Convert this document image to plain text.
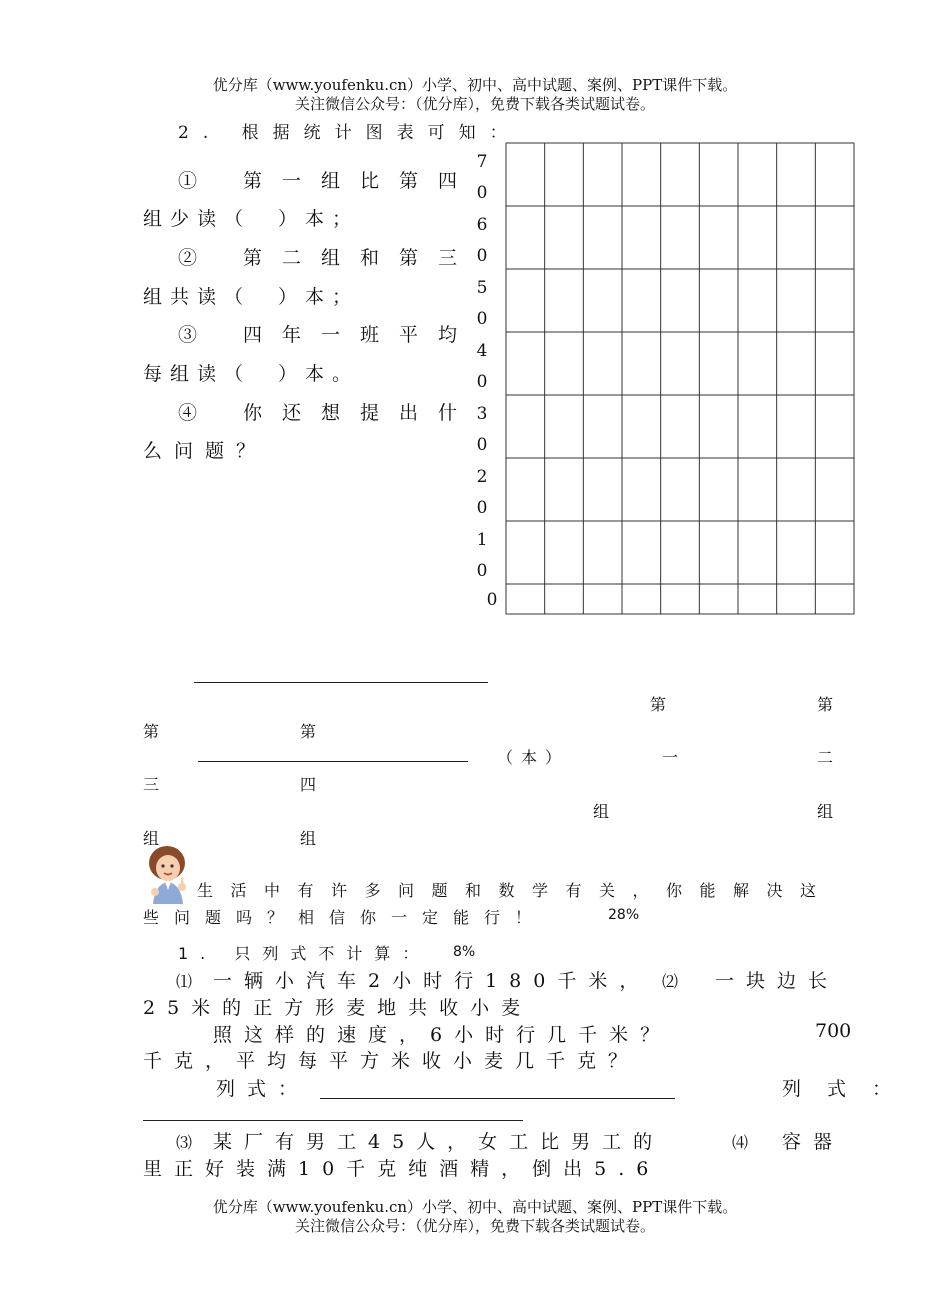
优分库（www.youfenku.cn）小学、初中、高中试题、案例、PPT课件下载。
关注微信公众号：（优分库），免费下载各类试题试卷。
2. 根据统计图表可知：
① 第一组比第四
组少读（　）本；
② 第二组和第三
组共读（　）本；
③ 四年一班平均
每组读（　）本。
④ 你还想提出什
么问题？
7
0
6
0
5
0
4
0
3
0
2
0
1
0
0
第	第
第	第
（本）	一	二
三	四
组	组
组	组
生活中有许多问题和数学有关，你能解决这
些问题吗？相信你一定能行！	28%
1. 只列式不计算： 8%
⑴ 一辆小汽车2小时行180千米， ⑵ 一块边长
25米的正方形麦地共收小麦
照这样的速度，6小时行几千米？	700
千克，平均每平方米收小麦几千克？
列式：	列式：
⑶ 某厂有男工45人，女工比男工的	⑷ 容器
里正好装满10千克纯酒精，倒出5.6
优分库（www.youfenku.cn）小学、初中、高中试题、案例、PPT课件下载。
关注微信公众号：（优分库），免费下载各类试题试卷。
